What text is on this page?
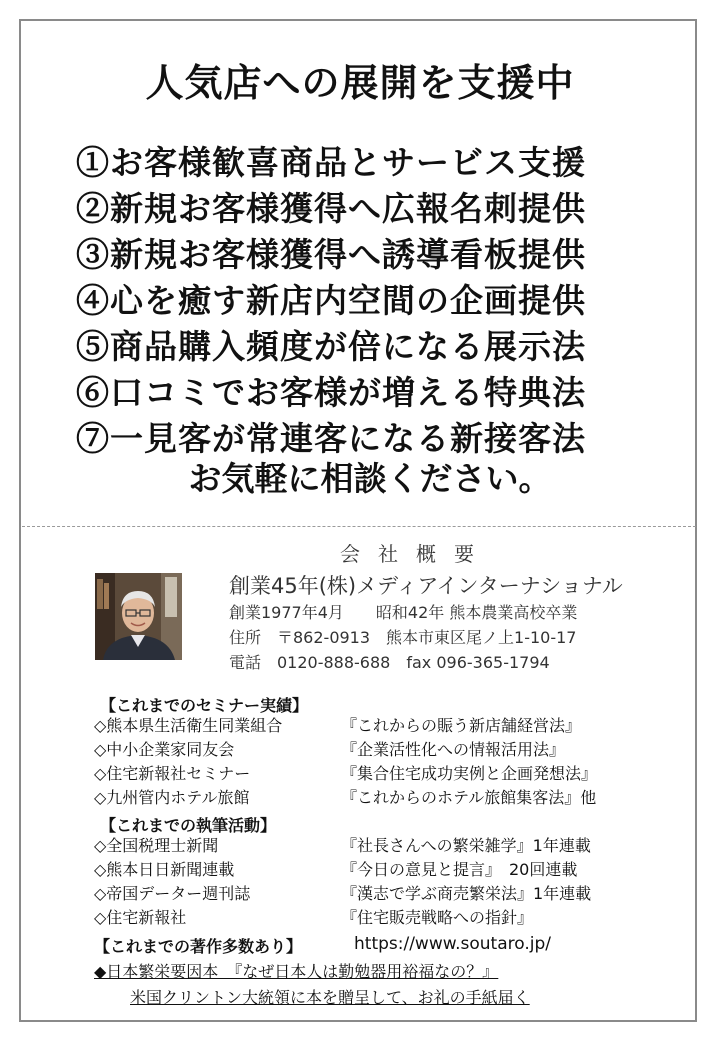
人気店への展開を支援中
①お客様歓喜商品とサービス支援
②新規お客様獲得へ広報名刺提供
③新規お客様獲得へ誘導看板提供
④心を癒す新店内空間の企画提供
⑤商品購入頻度が倍になる展示法
⑥口コミでお客様が増える特典法
⑦一見客が常連客になる新接客法
お気軽に相談ください。
会社概要
創業45年(株)メディアインターナショナル
創業1977年4月　　昭和42年 熊本農業高校卒業
住所　〒862-0913　熊本市東区尾ノ上1-10-17
電話　0120-888-688　fax 096-365-1794
【これまでのセミナー実績】
◇熊本県生活衛生同業組合	『これからの賑う新店舗経営法』
◇中小企業家同友会	『企業活性化への情報活用法』
◇住宅新報社セミナー	『集合住宅成功実例と企画発想法』
◇九州管内ホテル旅館	『これからのホテル旅館集客法』他
【これまでの執筆活動】
◇全国税理士新聞	『社長さんへの繁栄雑学』1年連載
◇熊本日日新聞連載	『今日の意見と提言』　20回連載
◇帝国データー週刊誌	『漢志で学ぶ商売繁栄法』1年連載
◇住宅新報社	『住宅販売戦略への指針』
【これまでの著作多数あり】	https://www.soutaro.jp/
◆日本繁栄要因本　『なぜ日本人は勤勉器用裕福なの？』
米国クリントン大統領に本を贈呈して、お礼の手紙届く
